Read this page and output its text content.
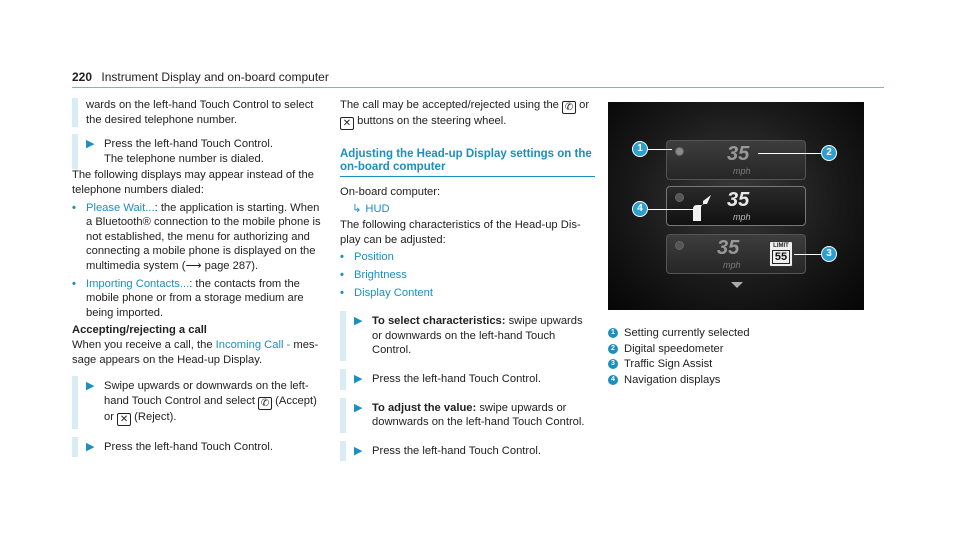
220 Instrument Display and on-board computer
wards on the left-hand Touch Control to select the desired telephone number.
▶ Press the left-hand Touch Control.
The telephone number is dialed.
The following displays may appear instead of the telephone numbers dialed:
• Please Wait...: the application is starting. When a Bluetooth® connection to the mobile phone is not established, the menu for authorizing and connecting a mobile phone is displayed on the multimedia system (⟶ page 287).
• Importing Contacts...: the contacts from the mobile phone or from a storage medium are being imported.
Accepting/rejecting a call
When you receive a call, the Incoming Call - message appears on the Head-up Display.
▶ Swipe upwards or downwards on the left-hand Touch Control and select ✆ (Accept) or ✕ (Reject).
▶ Press the left-hand Touch Control.
The call may be accepted/rejected using the ✆ or ✕ buttons on the steering wheel.
Adjusting the Head-up Display settings on the on-board computer
On-board computer:
↳ HUD
The following characteristics of the Head-up Display can be adjusted:
• Position
• Brightness
• Display Content
▶ To select characteristics: swipe upwards or downwards on the left-hand Touch Control.
▶ Press the left-hand Touch Control.
▶ To adjust the value: swipe upwards or downwards on the left-hand Touch Control.
▶ Press the left-hand Touch Control.
35
mph
35
mph
35
mph
LIMIT
55
1	2
3
4
1 Setting currently selected
2 Digital speedometer
3 Traffic Sign Assist
4 Navigation displays
